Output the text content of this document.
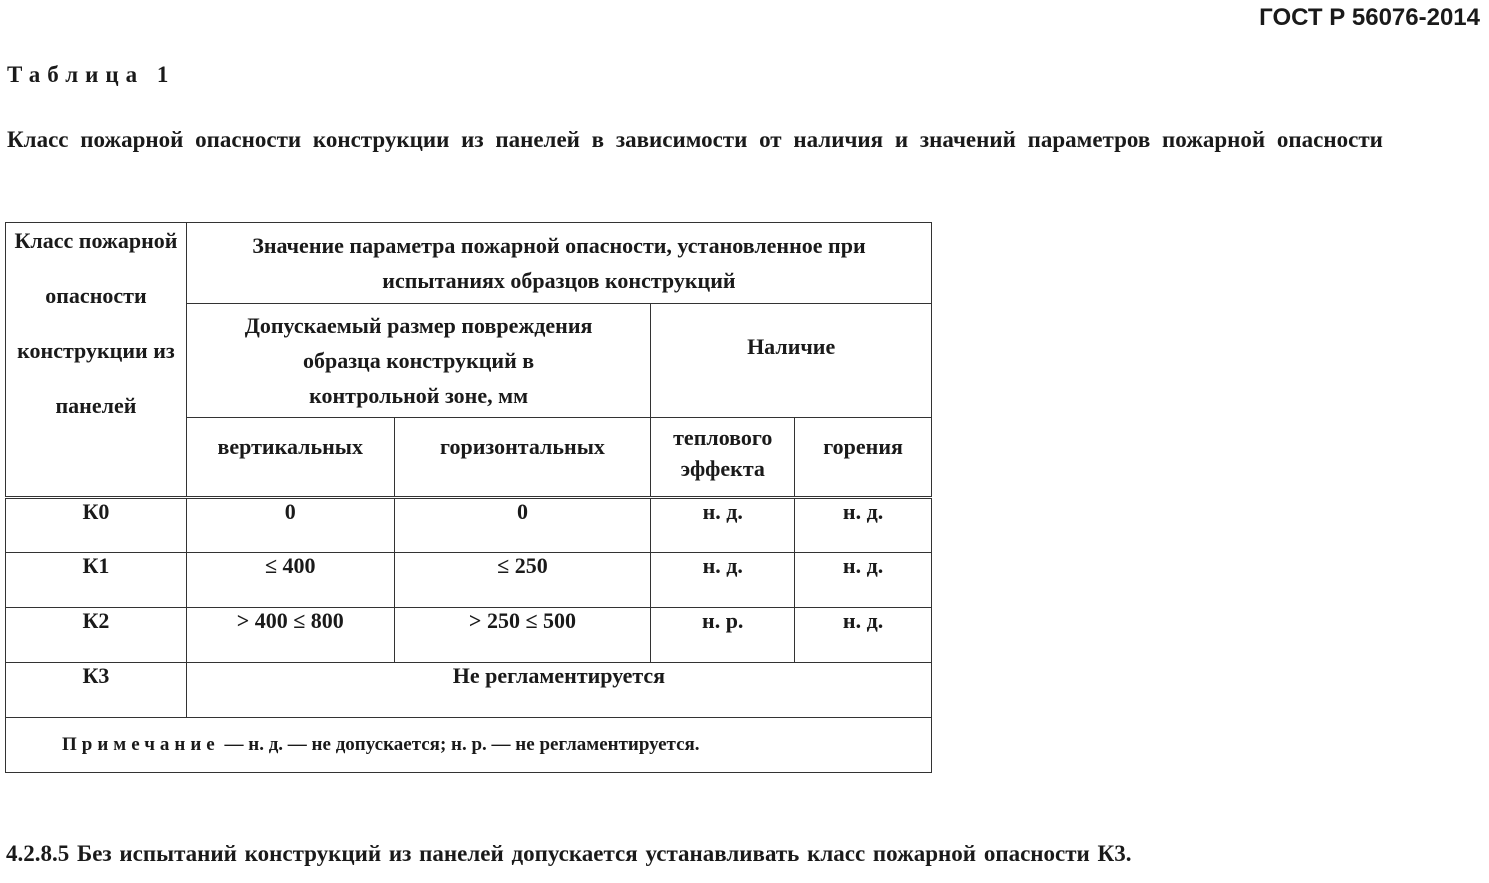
ГОСТ Р 56076-2014
Таблица 1
Класс пожарной опасности конструкции из панелей в зависимости от наличия и значений параметров пожарной опасности
Класс пожарной опасности конструкции из панелей	Значение параметра пожарной опасности, установленное при испытаниях образцов конструкций			

	Допускаемый размер повреждения образца конструкций в контрольной зоне, мм		Наличие	
	вертикальных	горизонтальных	теплового эффекта	горения
К0	0	0	н. д.	н. д.
К1	≤ 400	≤ 250	н. д.	н. д.
К2	> 400 ≤ 800	> 250 ≤ 500	н. р.	н. д.
К3	Не регламентируется			
Примечание — н. д. — не допускается; н. р. — не регламентируется.				
4.2.8.5 Без испытаний конструкций из панелей допускается устанавливать класс пожарной опасности К3.
